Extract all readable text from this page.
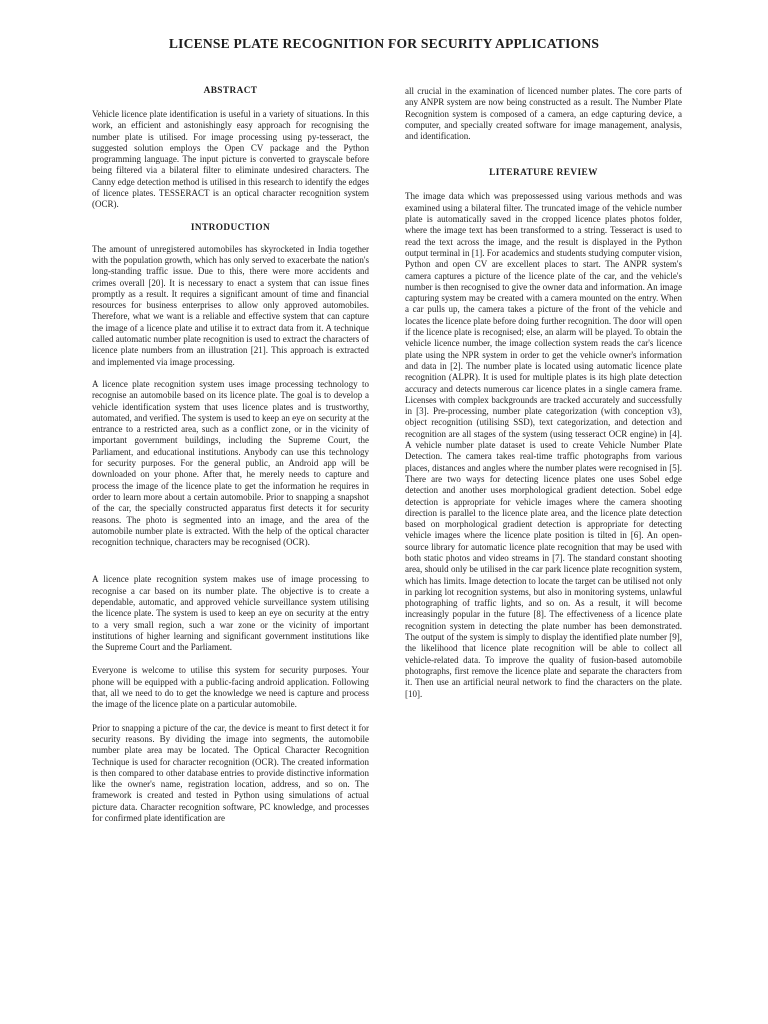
LICENSE PLATE RECOGNITION FOR SECURITY APPLICATIONS
ABSTRACT

Vehicle licence plate identification is useful in a variety of situations. In this work, an efficient and astonishingly easy approach for recognising the number plate is utilised. For image processing using py-tesseract, the suggested solution employs the Open CV package and the Python programming language. The input picture is converted to grayscale before being filtered via a bilateral filter to eliminate undesired characters. The Canny edge detection method is utilised in this research to identify the edges of licence plates. TESSERACT is an optical character recognition system (OCR).

INTRODUCTION

The amount of unregistered automobiles has skyrocketed in India together with the population growth, which has only served to exacerbate the nation's long-standing traffic issue. Due to this, there were more accidents and crimes overall [20]. It is necessary to enact a system that can issue fines promptly as a result. It requires a significant amount of time and financial resources for business enterprises to allow only approved automobiles. Therefore, what we want is a reliable and effective system that can capture the image of a licence plate and utilise it to extract data from it. A technique called automatic number plate recognition is used to extract the characters of licence plate numbers from an illustration [21]. This approach is extracted and implemented via image processing.

A licence plate recognition system uses image processing technology to recognise an automobile based on its licence plate. The goal is to develop a vehicle identification system that uses licence plates and is trustworthy, automated, and verified. The system is used to keep an eye on security at the entrance to a restricted area, such as a conflict zone, or in the vicinity of important government buildings, including the Supreme Court, the Parliament, and educational institutions. Anybody can use this technology for security purposes. For the general public, an Android app will be downloaded on your phone. After that, he merely needs to capture and process the image of the licence plate to get the information he requires in order to learn more about a certain automobile. Prior to snapping a snapshot of the car, the specially constructed apparatus first detects it for security reasons. The photo is segmented into an image, and the area of the automobile number plate is extracted. With the help of the optical character recognition technique, characters may be recognised (OCR).

A licence plate recognition system makes use of image processing to recognise a car based on its number plate. The objective is to create a dependable, automatic, and approved vehicle surveillance system utilising the licence plate. The system is used to keep an eye on security at the entry to a very small region, such a war zone or the vicinity of important institutions of higher learning and significant government institutions like the Supreme Court and the Parliament.

Everyone is welcome to utilise this system for security purposes. Your phone will be equipped with a public-facing android application. Following that, all we need to do to get the knowledge we need is capture and process the image of the licence plate on a particular automobile.

Prior to snapping a picture of the car, the device is meant to first detect it for security reasons. By dividing the image into segments, the automobile number plate area may be located. The Optical Character Recognition Technique is used for character recognition (OCR). The created information is then compared to other database entries to provide distinctive information like the owner's name, registration location, address, and so on. The framework is created and tested in Python using simulations of actual picture data. Character recognition software, PC knowledge, and processes for confirmed plate identification are

all crucial in the examination of licenced number plates. The core parts of any ANPR system are now being constructed as a result. The Number Plate Recognition system is composed of a camera, an edge capturing device, a computer, and specially created software for image management, analysis, and identification.

LITERATURE REVIEW

The image data which was prepossessed using various methods and was examined using a bilateral filter. The truncated image of the vehicle number plate is automatically saved in the cropped licence plates photos folder, where the image text has been transformed to a string. Tesseract is used to read the text across the image, and the result is displayed in the Python output terminal in [1]. For academics and students studying computer vision, Python and open CV are excellent places to start. The ANPR system's camera captures a picture of the licence plate of the car, and the vehicle's number is then recognised to give the owner data and information. An image capturing system may be created with a camera mounted on the entry. When a car pulls up, the camera takes a picture of the front of the vehicle and locates the licence plate before doing further recognition. The door will open if the licence plate is recognised; else, an alarm will be played. To obtain the vehicle licence number, the image collection system reads the car's licence plate using the NPR system in order to get the vehicle owner's information and data in [2]. The number plate is located using automatic licence plate recognition (ALPR). It is used for multiple plates is its high plate detection accuracy and detects numerous car licence plates in a single camera frame. Licenses with complex backgrounds are tracked accurately and successfully in [3]. Pre-processing, number plate categorization (with conception v3), object recognition (utilising SSD), text categorization, and detection and recognition are all stages of the system (using tesseract OCR engine) in [4]. A vehicle number plate dataset is used to create Vehicle Number Plate Detection. The camera takes real-time traffic photographs from various places, distances and angles where the number plates were recognised in [5]. There are two ways for detecting licence plates one uses Sobel edge detection and another uses morphological gradient detection. Sobel edge detection is appropriate for vehicle images where the camera shooting direction is parallel to the licence plate area, and the licence plate detection based on morphological gradient detection is appropriate for detecting vehicle images where the licence plate position is tilted in [6]. An open-source library for automatic licence plate recognition that may be used with both static photos and video streams in [7]. The standard constant shooting area, should only be utilised in the car park licence plate recognition system, which has limits. Image detection to locate the target can be utilised not only in parking lot recognition systems, but also in monitoring systems, unlawful photographing of traffic lights, and so on. As a result, it will become increasingly popular in the future [8]. The effectiveness of a licence plate recognition system in detecting the plate number has been demonstrated. The output of the system is simply to display the identified plate number [9], the likelihood that licence plate recognition will be able to collect all vehicle-related data. To improve the quality of fusion-based automobile photographs, first remove the licence plate and separate the characters from it. Then use an artificial neural network to find the characters on the plate. [10].
